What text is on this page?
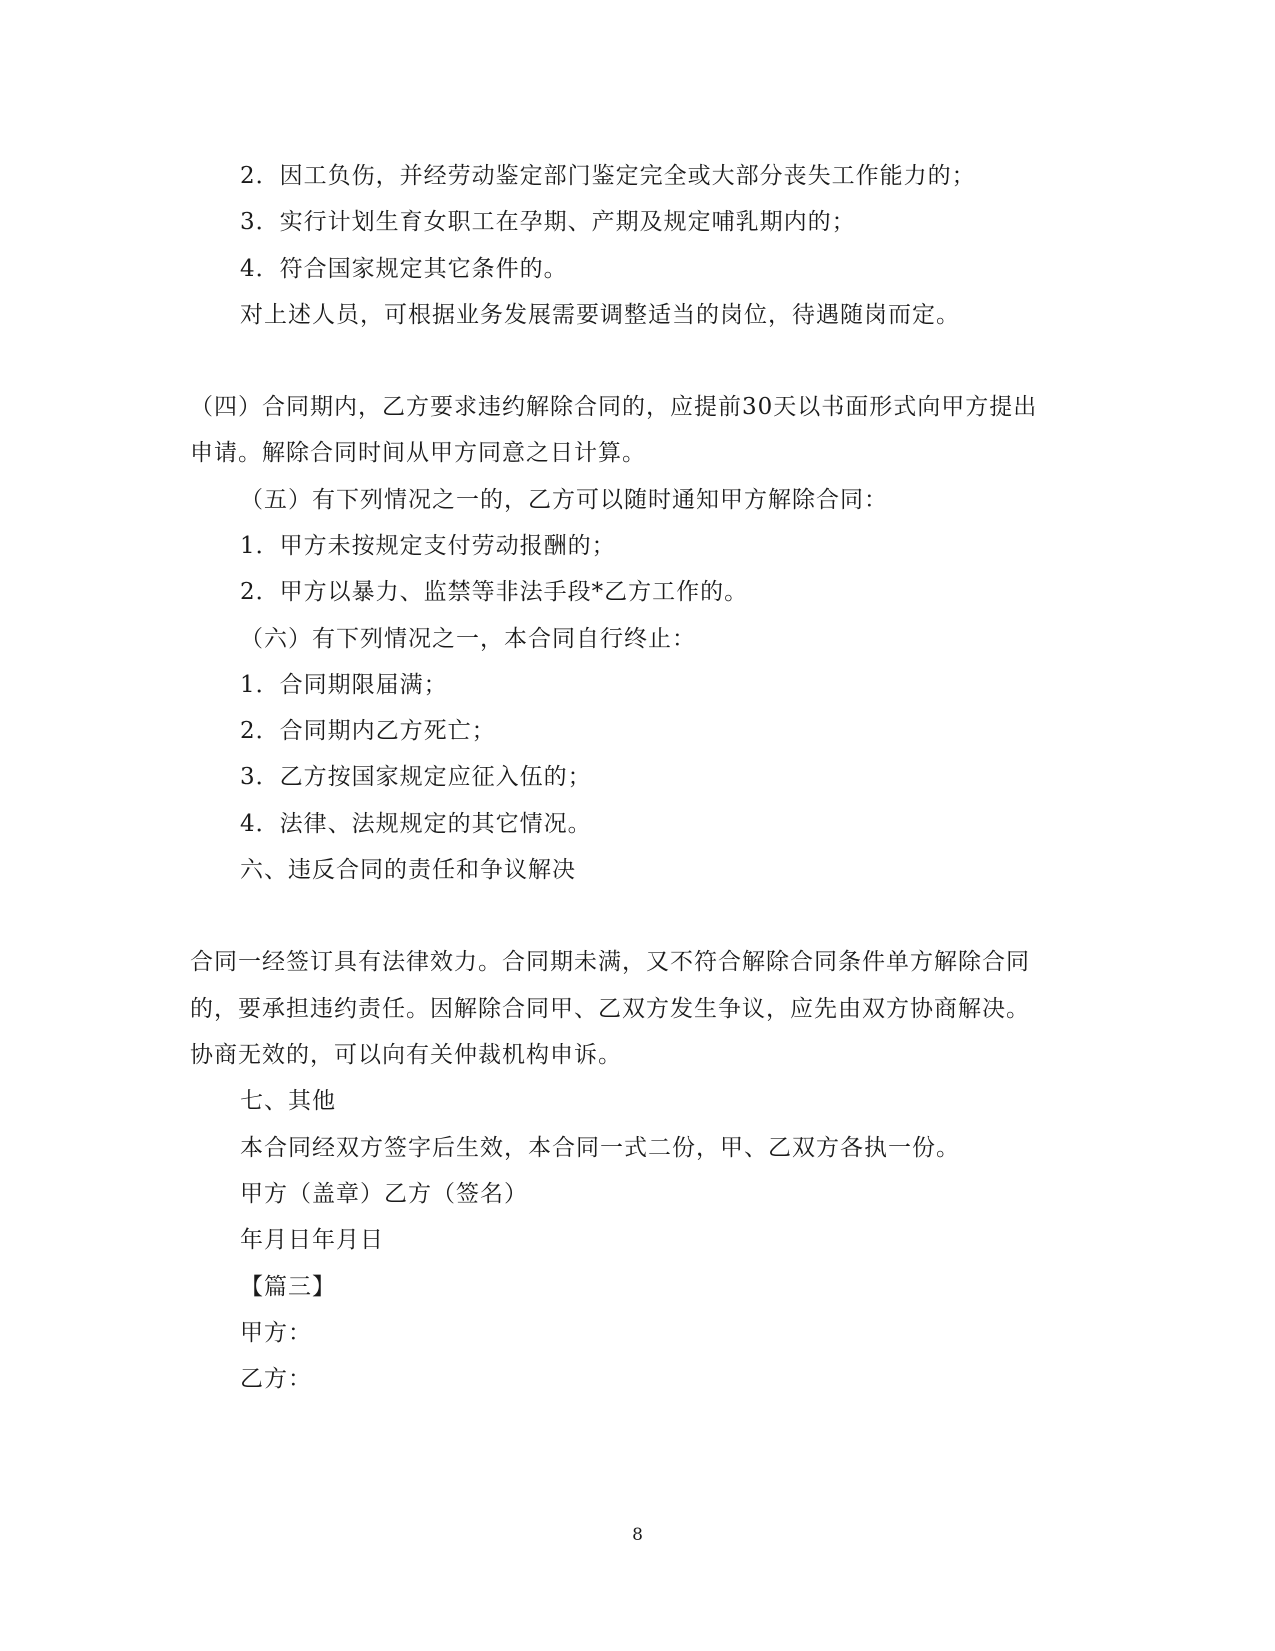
2．因工负伤，并经劳动鉴定部门鉴定完全或大部分丧失工作能力的；
3．实行计划生育女职工在孕期、产期及规定哺乳期内的；
4．符合国家规定其它条件的。
对上述人员，可根据业务发展需要调整适当的岗位，待遇随岗而定。
（四）合同期内，乙方要求违约解除合同的，应提前30天以书面形式向甲方提出
申请。解除合同时间从甲方同意之日计算。
（五）有下列情况之一的，乙方可以随时通知甲方解除合同：
1．甲方未按规定支付劳动报酬的；
2．甲方以暴力、监禁等非法手段*乙方工作的。
（六）有下列情况之一，本合同自行终止：
1．合同期限届满；
2．合同期内乙方死亡；
3．乙方按国家规定应征入伍的；
4．法律、法规规定的其它情况。
六、违反合同的责任和争议解决
合同一经签订具有法律效力。合同期未满，又不符合解除合同条件单方解除合同
的，要承担违约责任。因解除合同甲、乙双方发生争议，应先由双方协商解决。
协商无效的，可以向有关仲裁机构申诉。
七、其他
本合同经双方签字后生效，本合同一式二份，甲、乙双方各执一份。
甲方（盖章）乙方（签名）
年月日年月日
【篇三】
甲方：
乙方：
8
